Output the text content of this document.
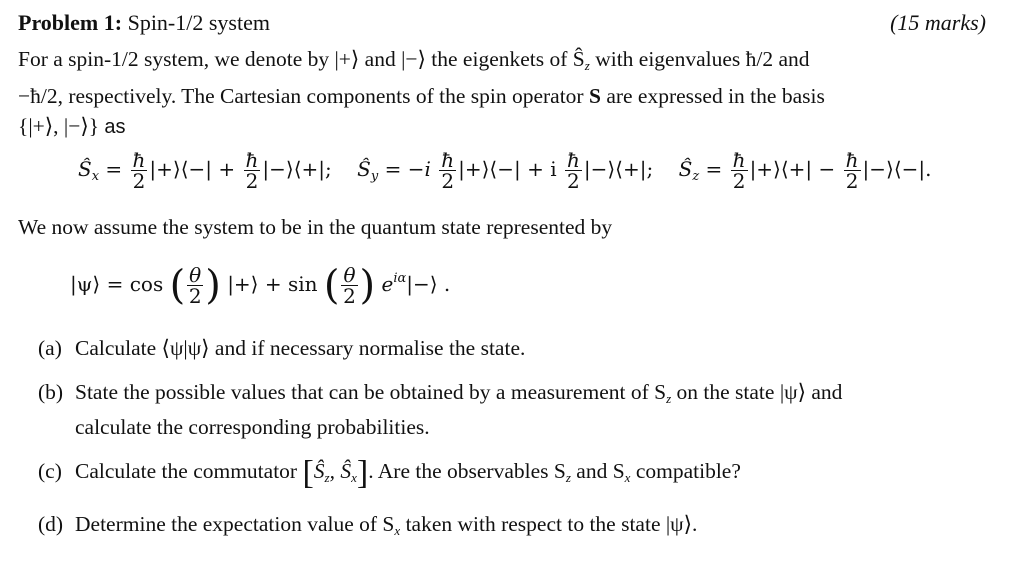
Problem 1: Spin-1/2 system	(15 marks)
For a spin-1/2 system, we denote by |+⟩ and |−⟩ the eigenkets of $Ŝ_z$ with eigenvalues ħ/2 and
−ħ/2, respectively. The Cartesian components of the spin operator S are expressed in the basis
{|+⟩, |−⟩} as
$Ŝ_x = \frac{ħ}{2}$ |+⟩⟨−| + $\frac{ħ}{2}$ |−⟩⟨+|; $Ŝ_y = -i \frac{ħ}{2}$ |+⟩⟨−| + i $\frac{ħ}{2}$ |−⟩⟨+|; $Ŝ_z = \frac{ħ}{2}$ |+⟩⟨+| − $\frac{ħ}{2}$ |−⟩⟨−|.
We now assume the system to be in the quantum state represented by
|ψ⟩ = cos ( $\frac{\theta}{2}$ ) |+⟩ + sin ( $\frac{\theta}{2}$ ) $e^{i\alpha}|-⟩$ .
(a) Calculate ⟨ψ|ψ⟩ and if necessary normalise the state.
(b) State the possible values that can be obtained by a measurement of $S_z$ on the state |ψ⟩ and
calculate the corresponding probabilities.
(c) Calculate the commutator [$Ŝ_z$, $Ŝ_x$]. Are the observables $S_z$ and $S_x$ compatible?
(d) Determine the expectation value of $S_x$ taken with respect to the state |ψ⟩.
